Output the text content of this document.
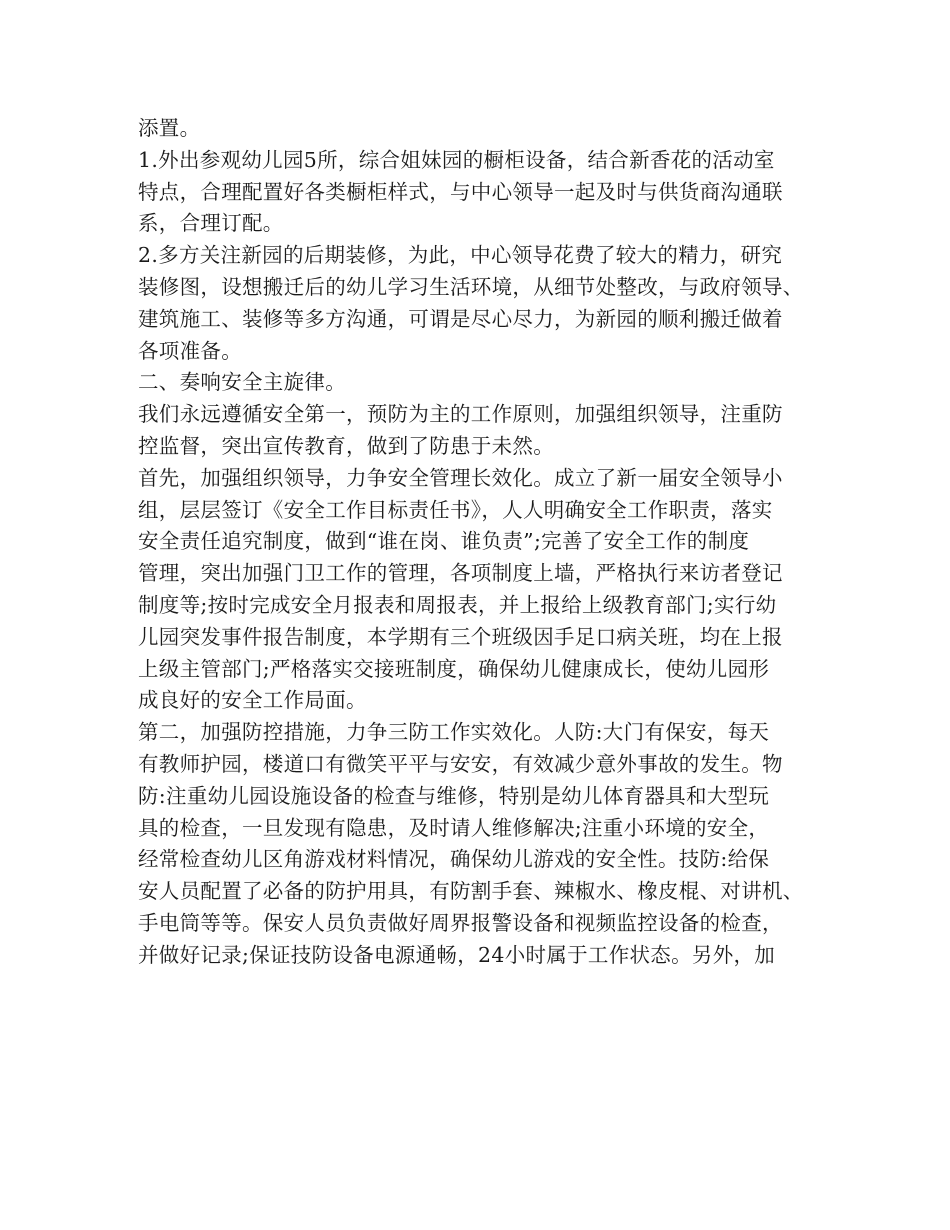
添置。
1.外出参观幼儿园5所，综合姐妹园的橱柜设备，结合新香花的活动室
特点，合理配置好各类橱柜样式，与中心领导一起及时与供货商沟通联
系，合理订配。
2.多方关注新园的后期装修，为此，中心领导花费了较大的精力，研究
装修图，设想搬迁后的幼儿学习生活环境，从细节处整改，与政府领导、
建筑施工、装修等多方沟通，可谓是尽心尽力，为新园的顺利搬迁做着
各项准备。
二、奏响安全主旋律。
我们永远遵循安全第一，预防为主的工作原则，加强组织领导，注重防
控监督，突出宣传教育，做到了防患于未然。
首先，加强组织领导，力争安全管理长效化。成立了新一届安全领导小
组，层层签订《安全工作目标责任书》，人人明确安全工作职责，落实
安全责任追究制度，做到“谁在岗、谁负责”;完善了安全工作的制度
管理，突出加强门卫工作的管理，各项制度上墙，严格执行来访者登记
制度等;按时完成安全月报表和周报表，并上报给上级教育部门;实行幼
儿园突发事件报告制度，本学期有三个班级因手足口病关班，均在上报
上级主管部门;严格落实交接班制度，确保幼儿健康成长，使幼儿园形
成良好的安全工作局面。
第二，加强防控措施，力争三防工作实效化。人防:大门有保安，每天
有教师护园，楼道口有微笑平平与安安，有效减少意外事故的发生。物
防:注重幼儿园设施设备的检查与维修，特别是幼儿体育器具和大型玩
具的检查，一旦发现有隐患，及时请人维修解决;注重小环境的安全，
经常检查幼儿区角游戏材料情况，确保幼儿游戏的安全性。技防:给保
安人员配置了必备的防护用具，有防割手套、辣椒水、橡皮棍、对讲机、
手电筒等等。保安人员负责做好周界报警设备和视频监控设备的检查，
并做好记录;保证技防设备电源通畅，24小时属于工作状态。另外，加
